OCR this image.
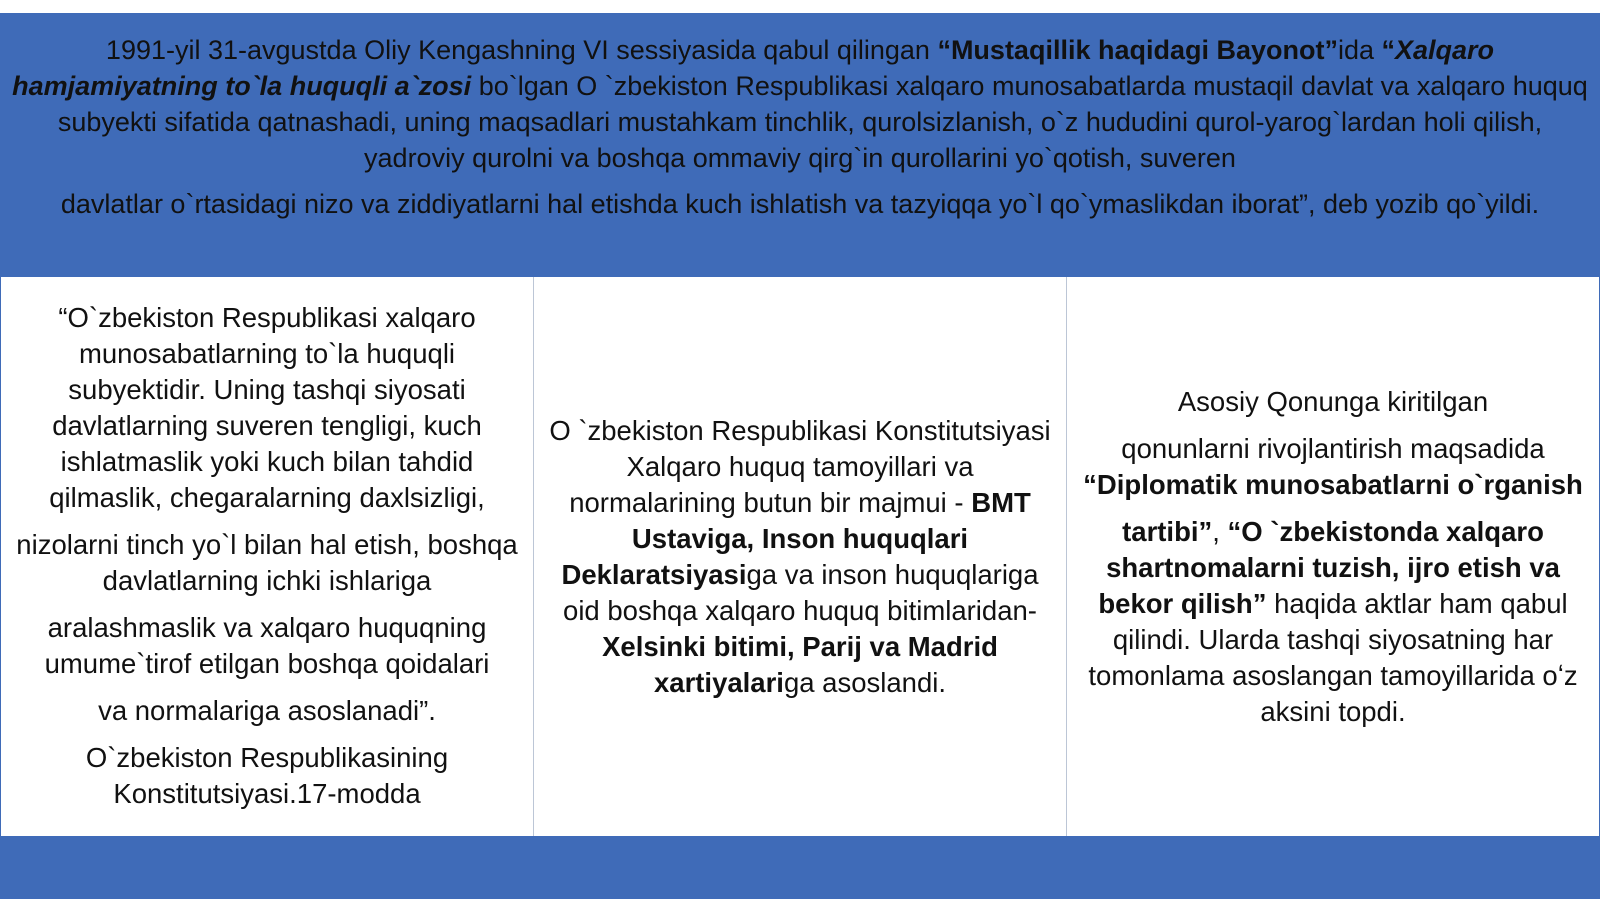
1991-yil 31-avgustda Oliy Kengashning VI sessiyasida qabul qilingan “Mustaqillik haqidagi Bayonot”ida “Xalqaro hamjamiyatning to`la huquqli a`zosi bo`lgan O `zbekiston Respublikasi xalqaro munosabatlarda mustaqil davlat va xalqaro huquq subyekti sifatida qatnashadi, uning maqsadlari mustahkam tinchlik, qurolsizlanish, o`z hududini qurol-yarog`lardan holi qilish, yadroviy qurolni va boshqa ommaviy qirg`in qurollarini yo`qotish, suveren

davlatlar o`rtasidagi nizo va ziddiyatlarni hal etishda kuch ishlatish va tazyiqqa yo`l qo`ymaslikdan iborat”, deb yozib qo`yildi.

“O`zbekiston Respublikasi xalqaro munosabatlarning to`la huquqli subyektidir. Uning tashqi siyosati davlatlarning suveren tengligi, kuch ishlatmaslik yoki kuch bilan tahdid qilmaslik, chegaralarning daxlsizligi,

nizolarni tinch yo`l bilan hal etish, boshqa davlatlarning ichki ishlariga

aralashmaslik va xalqaro huquqning umume`tirof etilgan boshqa qoidalari

va normalariga asoslanadi”.

O`zbekiston Respublikasining Konstitutsiyasi.17-modda

O `zbekiston Respublikasi Konstitutsiyasi Xalqaro huquq tamoyillari va normalarining butun bir majmui - BMT Ustaviga, Inson huquqlari Deklaratsiyasiga va inson huquqlariga oid boshqa xalqaro huquq bitimlaridan- Xelsinki bitimi, Parij va Madrid xartiyalariga asoslandi.

Asosiy Qonunga kiritilgan

qonunlarni rivojlantirish maqsadida “Diplomatik munosabatlarni o`rganish

tartibi”, “O `zbekistonda xalqaro shartnomalarni tuzish, ijro etish va bekor qilish” haqida aktlar ham qabul qilindi. Ularda tashqi siyosatning har tomonlama asoslangan tamoyillarida oʻz aksini topdi.
